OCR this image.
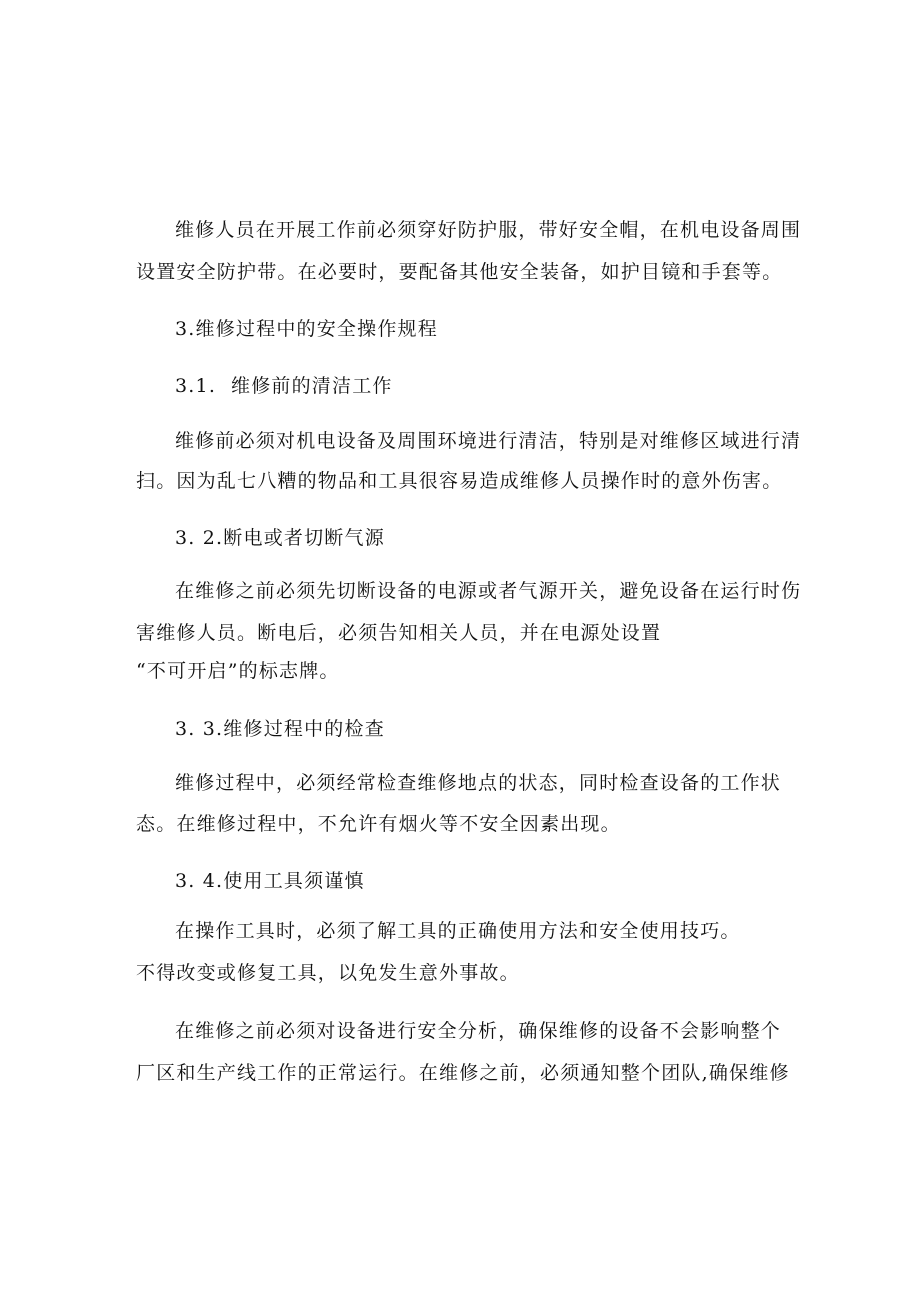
维修人员在开展工作前必须穿好防护服，带好安全帽，在机电设备周围
设置安全防护带。在必要时，要配备其他安全装备，如护目镜和手套等。
3.维修过程中的安全操作规程
3.1. 维修前的清洁工作
维修前必须对机电设备及周围环境进行清洁，特别是对维修区域进行清
扫。因为乱七八糟的物品和工具很容易造成维修人员操作时的意外伤害。
3. 2.断电或者切断气源
在维修之前必须先切断设备的电源或者气源开关，避免设备在运行时伤
害维修人员。断电后，必须告知相关人员，并在电源处设置
“不可开启”的标志牌。
3. 3.维修过程中的检查
维修过程中，必须经常检查维修地点的状态，同时检查设备的工作状
态。在维修过程中，不允许有烟火等不安全因素出现。
3. 4.使用工具须谨慎
在操作工具时，必须了解工具的正确使用方法和安全使用技巧。
不得改变或修复工具，以免发生意外事故。
在维修之前必须对设备进行安全分析，确保维修的设备不会影响整个
厂区和生产线工作的正常运行。在维修之前，必须通知整个团队,确保维修
